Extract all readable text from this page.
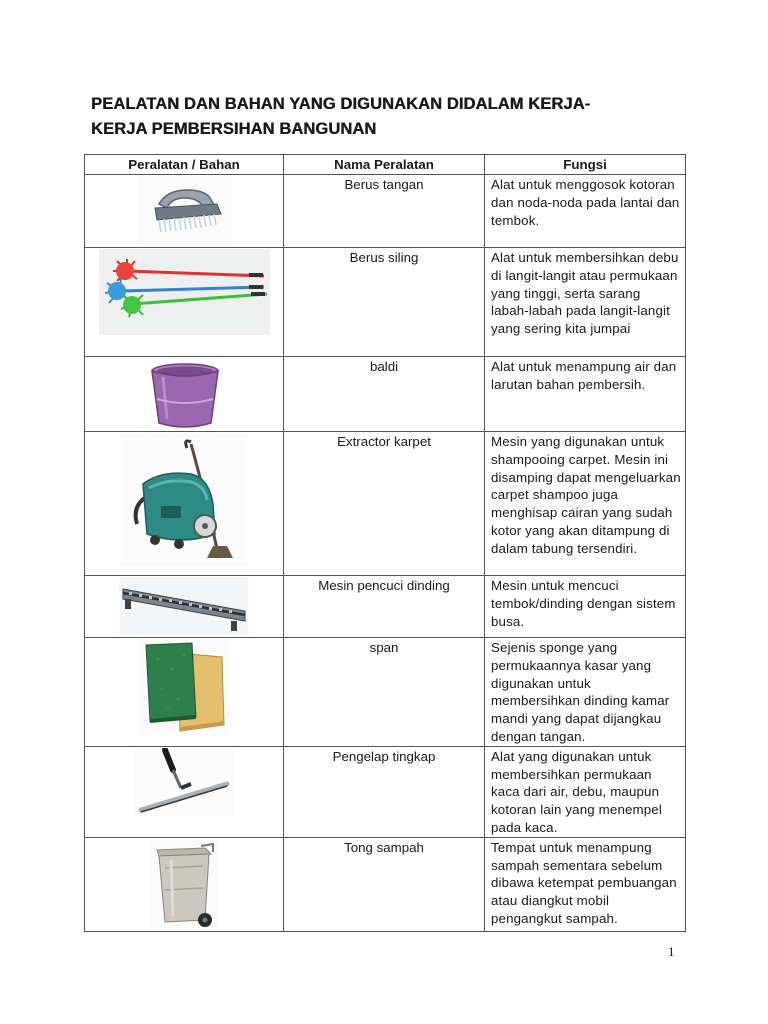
PEALATAN DAN BAHAN YANG DIGUNAKAN DIDALAM KERJA-
KERJA PEMBERSIHAN BANGUNAN
Peralatan / Bahan	Nama Peralatan	Fungsi

	Berus tangan	Alat untuk menggosok kotoran dan noda-noda pada lantai dan tembok.

	Berus siling	Alat untuk membersihkan debu di langit-langit atau permukaan yang tinggi, serta sarang labah-labah pada langit-langit yang sering kita jumpai

	baldi	Alat untuk menampung air dan larutan bahan pembersih.

	Extractor karpet	Mesin yang digunakan untuk shampooing carpet. Mesin ini disamping dapat mengeluarkan carpet shampoo juga menghisap cairan yang sudah kotor yang akan ditampung di dalam tabung tersendiri.

	Mesin pencuci dinding	Mesin untuk mencuci tembok/dinding dengan sistem busa.

	span	Sejenis sponge yang permukaannya kasar yang digunakan untuk membersihkan dinding kamar mandi yang dapat dijangkau dengan tangan.

	Pengelap tingkap	Alat yang digunakan untuk membersihkan permukaan kaca dari air, debu, maupun kotoran lain yang menempel pada kaca.

	Tong sampah	Tempat untuk menampung sampah sementara sebelum dibawa ketempat pembuangan atau diangkut mobil pengangkut sampah.
1
